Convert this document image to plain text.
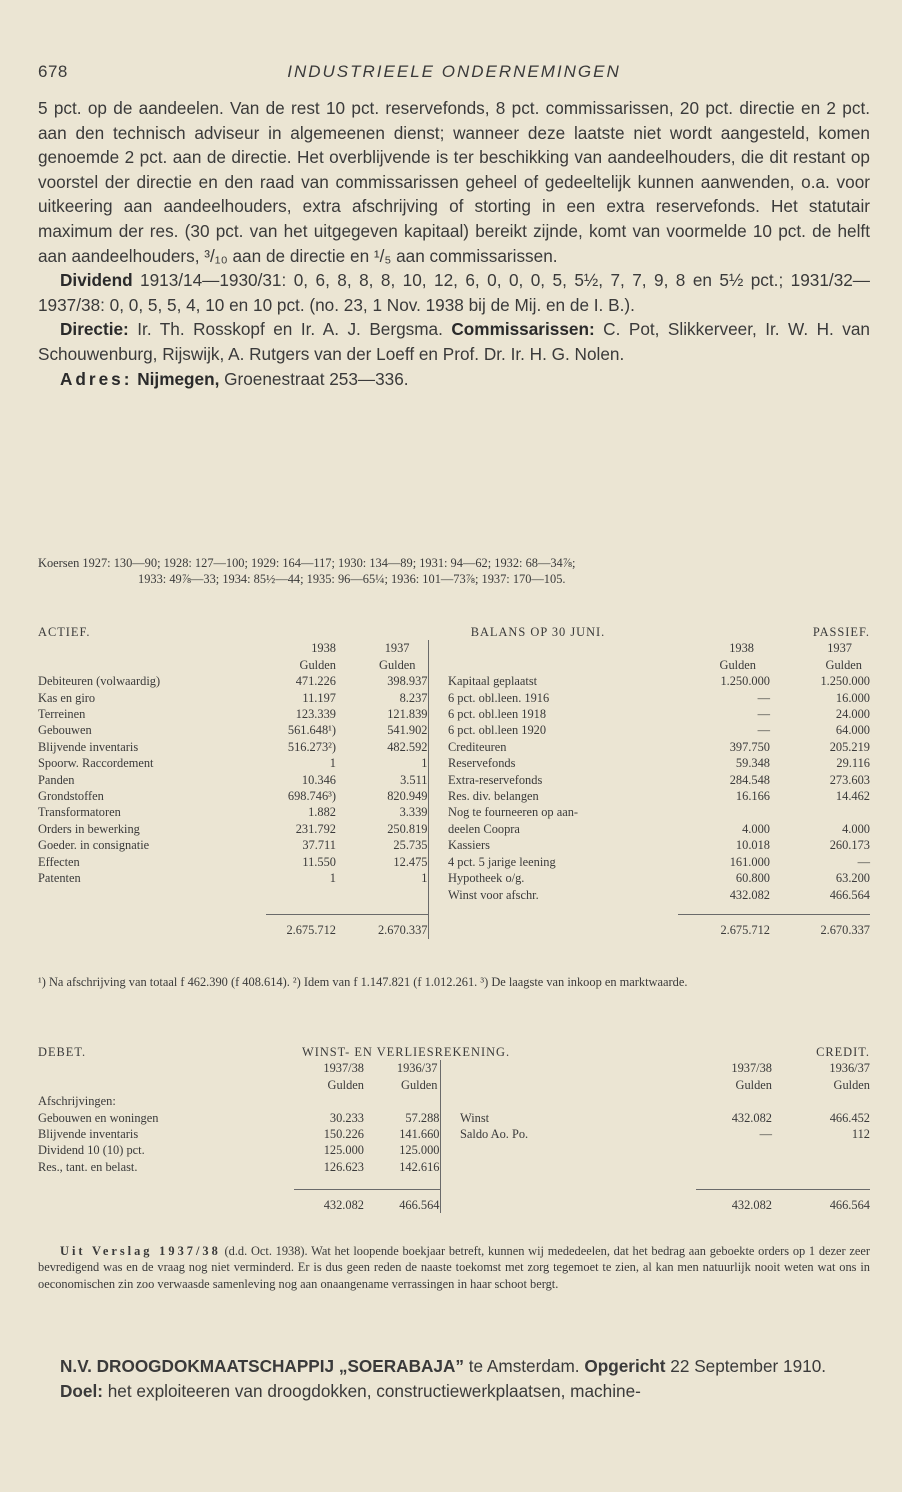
678	INDUSTRIEELE ONDERNEMINGEN

5 pct. op de aandeelen. Van de rest 10 pct. reservefonds, 8 pct. commissarissen, 20 pct. directie en 2 pct. aan den technisch adviseur in algemeenen dienst; wanneer deze laatste niet wordt aangesteld, komen genoemde 2 pct. aan de directie. Het overblijvende is ter beschikking van aandeelhouders, die dit restant op voorstel der directie en den raad van commissarissen geheel of gedeeltelijk kunnen aanwenden, o.a. voor uitkeering aan aandeelhouders, extra afschrijving of storting in een extra reservefonds. Het statutair maximum der res. (30 pct. van het uitgegeven kapitaal) bereikt zijnde, komt van voormelde 10 pct. de helft aan aandeelhouders, ³/₁₀ aan de directie en ¹/₅ aan commissarissen.

Dividend 1913/14—1930/31: 0, 6, 8, 8, 8, 10, 12, 6, 0, 0, 0, 5, 5½, 7, 7, 9, 8 en 5½ pct.; 1931/32—1937/38: 0, 0, 5, 5, 4, 10 en 10 pct. (no. 23, 1 Nov. 1938 bij de Mij. en de I. B.).

Directie: Ir. Th. Rosskopf en Ir. A. J. Bergsma. Commissarissen: C. Pot, Slikkerveer, Ir. W. H. van Schouwenburg, Rijswijk, A. Rutgers van der Loeff en Prof. Dr. Ir. H. G. Nolen.

Adres: Nijmegen, Groenestraat 253—336.

Koersen 1927: 130—90; 1928: 127—100; 1929: 164—117; 1930: 134—89; 1931: 94—62; 1932: 68—34⅞;

1933: 49⅞—33; 1934: 85½—44; 1935: 96—65¼; 1936: 101—73⅞; 1937: 170—105.

ACTIEF.	BALANS OP 30 JUNI.					PASSIEF.
	1938	1937			1938	1937
	Gulden	Gulden			Gulden	Gulden
Debiteuren (volwaardig)	471.226	398.937		Kapitaal geplaatst	1.250.000	1.250.000
Kas en giro	11.197	8.237		6 pct. obl.leen. 1916	—	16.000
Terreinen	123.339	121.839		6 pct. obl.leen 1918	—	24.000
Gebouwen	561.648¹)	541.902		6 pct. obl.leen 1920	—	64.000
Blijvende inventaris	516.273²)	482.592		Crediteuren	397.750	205.219
Spoorw. Raccordement	1	1		Reservefonds	59.348	29.116
Panden	10.346	3.511		Extra-reservefonds	284.548	273.603
Grondstoffen	698.746³)	820.949		Res. div. belangen	16.166	14.462
Transformatoren	1.882	3.339		Nog te fourneeren op aan-		
Orders in bewerking	231.792	250.819		deelen Coopra	4.000	4.000
Goeder. in consignatie	37.711	25.735		Kassiers	10.018	260.173
Effecten	11.550	12.475		4 pct. 5 jarige leening	161.000	—
Patenten	1	1		Hypotheek o/g.	60.800	63.200
				Winst voor afschr.	432.082	466.564

	2.675.712	2.670.337			2.675.712	2.670.337

¹) Na afschrijving van totaal f 462.390 (f 408.614). ²) Idem van f 1.147.821 (f 1.012.261. ³) De laagste van inkoop en marktwaarde.

DEBET.	WINST- EN VERLIESREKENING.					CREDIT.
	1937/38	1936/37			1937/38	1936/37
	Gulden	Gulden			Gulden	Gulden
Afschrijvingen:						
Gebouwen en woningen	30.233	57.288		Winst	432.082	466.452
Blijvende inventaris	150.226	141.660		Saldo Ao. Po.	—	112
Dividend 10 (10) pct.	125.000	125.000				
Res., tant. en belast.	126.623	142.616				

	432.082	466.564			432.082	466.564

Uit Verslag 1937/38 (d.d. Oct. 1938). Wat het loopende boekjaar betreft, kunnen wij mededeelen, dat het bedrag aan geboekte orders op 1 dezer zeer bevredigend was en de vraag nog niet verminderd. Er is dus geen reden de naaste toekomst met zorg tegemoet te zien, al kan men natuurlijk nooit weten wat ons in oeconomischen zin zoo verwaasde samenleving nog aan onaangename verrassingen in haar schoot bergt.

N.V. DROOGDOKMAATSCHAPPIJ „SOERABAJA” te Amsterdam. Opgericht 22 September 1910.

Doel: het exploiteeren van droogdokken, constructiewerkplaatsen, machine-
